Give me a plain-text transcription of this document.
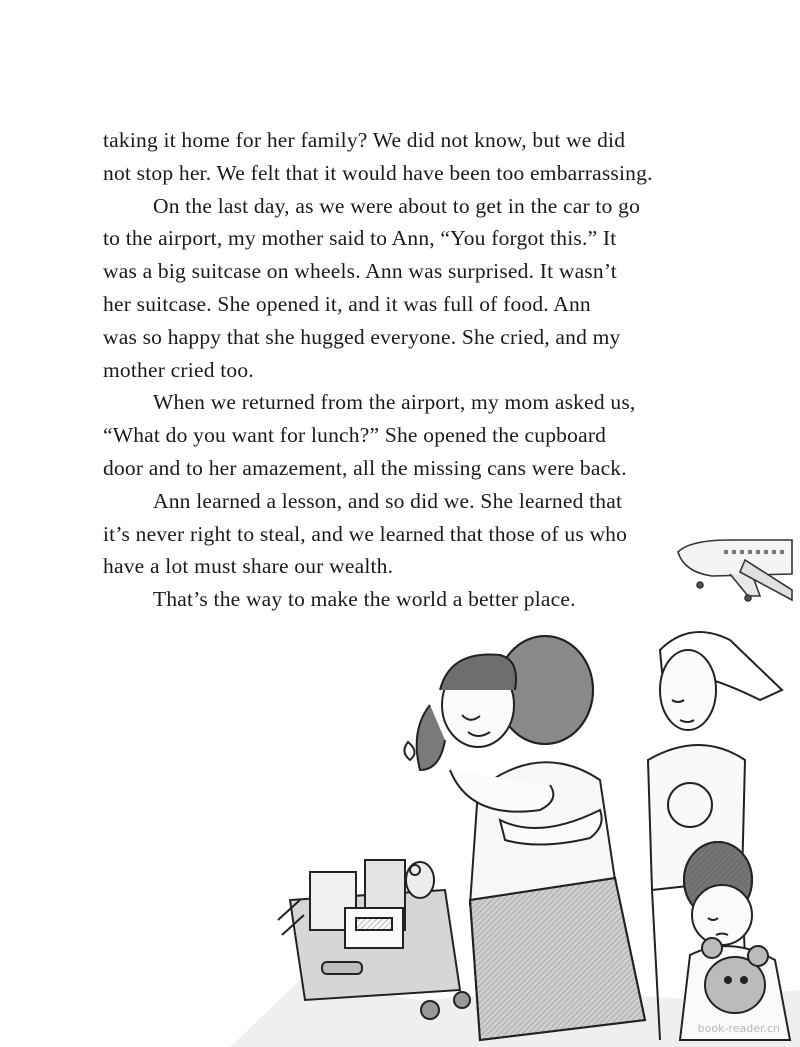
taking it home for her family? We did not know, but we did
not stop her. We felt that it would have been too embarrassing.
On the last day, as we were about to get in the car to go
to the airport, my mother said to Ann, “You forgot this.” It
was a big suitcase on wheels. Ann was surprised. It wasn’t
her suitcase. She opened it, and it was full of food. Ann
was so happy that she hugged everyone. She cried, and my
mother cried too.
When we returned from the airport, my mom asked us,
“What do you want for lunch?” She opened the cupboard
door and to her amazement, all the missing cans were back.
Ann learned a lesson, and so did we. She learned that
it’s never right to steal, and we learned that those of us who
have a lot must share our wealth.
That’s the way to make the world a better place.
book-reader.cn
